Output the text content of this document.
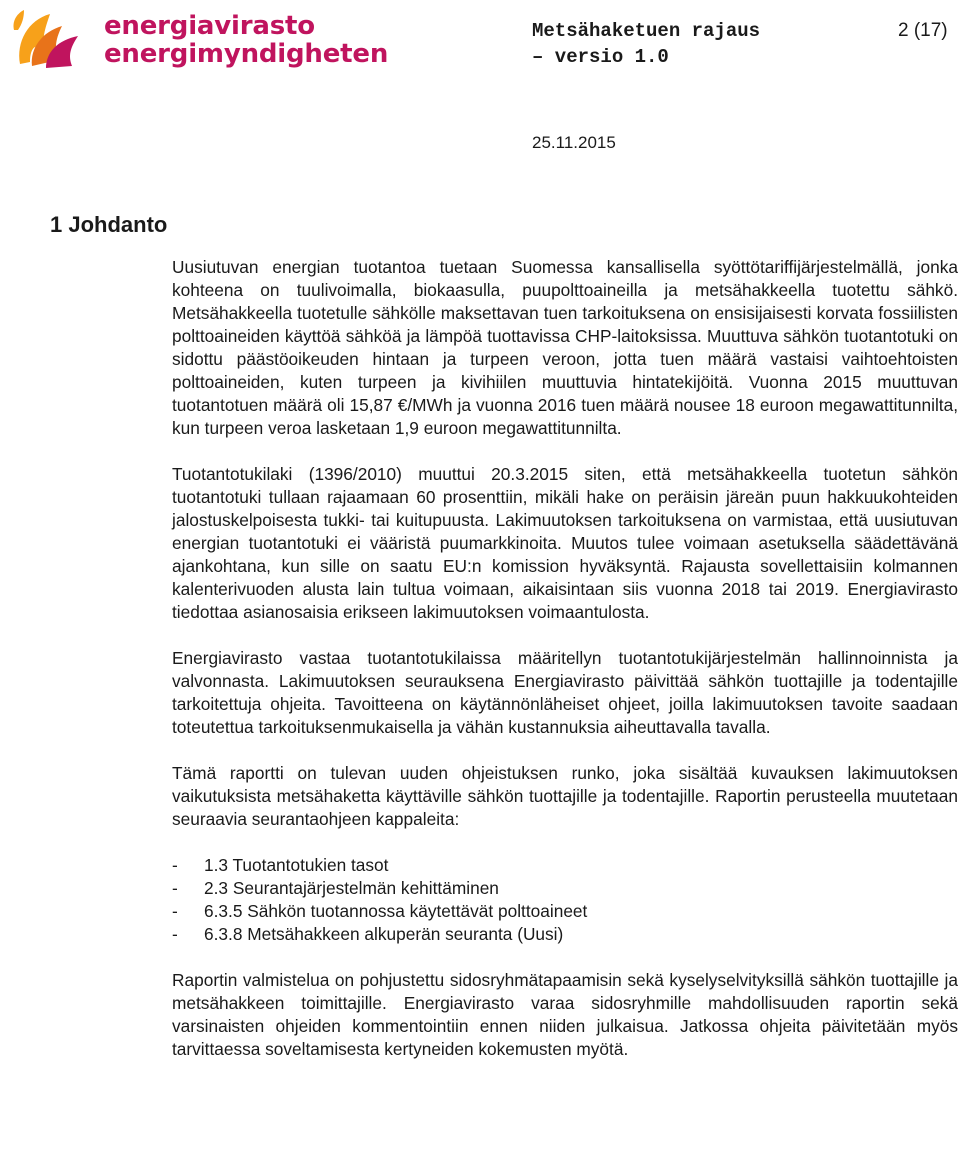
energiavirasto
energimyndigheten
Metsähaketuen rajaus
– versio 1.0
2 (17)
25.11.2015
1 Johdanto

Uusiutuvan energian tuotantoa tuetaan Suomessa kansallisella syöttötariffijärjestelmällä, jonka kohteena on tuulivoimalla, biokaasulla, puupolttoaineilla ja metsähakkeella tuotettu sähkö. Metsähakkeella tuotetulle sähkölle maksettavan tuen tarkoituksena on ensisijaisesti korvata fossiilisten polttoaineiden käyttöä sähköä ja lämpöä tuottavissa CHP-laitoksissa. Muuttuva sähkön tuotantotuki on sidottu päästöoikeuden hintaan ja turpeen veroon, jotta tuen määrä vastaisi vaihtoehtoisten polttoaineiden, kuten turpeen ja kivihiilen muuttuvia hintatekijöitä. Vuonna 2015 muuttuvan tuotantotuen määrä oli 15,87 €/MWh ja vuonna 2016 tuen määrä nousee 18 euroon megawattitunnilta, kun turpeen veroa lasketaan 1,9 euroon megawattitunnilta.

Tuotantotukilaki (1396/2010) muuttui 20.3.2015 siten, että metsähakkeella tuotetun sähkön tuotantotuki tullaan rajaamaan 60 prosenttiin, mikäli hake on peräisin järeän puun hakkuukohteiden jalostuskelpoisesta tukki- tai kuitupuusta. Lakimuutoksen tarkoituksena on varmistaa, että uusiutuvan energian tuotantotuki ei vääristä puumarkkinoita. Muutos tulee voimaan asetuksella säädettävänä ajankohtana, kun sille on saatu EU:n komission hyväksyntä. Rajausta sovellettaisiin kolmannen kalenterivuoden alusta lain tultua voimaan, aikaisintaan siis vuonna 2018 tai 2019. Energiavirasto tiedottaa asianosaisia erikseen lakimuutoksen voimaantulosta.

Energiavirasto vastaa tuotantotukilaissa määritellyn tuotantotukijärjestelmän hallinnoinnista ja valvonnasta. Lakimuutoksen seurauksena Energiavirasto päivittää sähkön tuottajille ja todentajille tarkoitettuja ohjeita. Tavoitteena on käytännönläheiset ohjeet, joilla lakimuutoksen tavoite saadaan toteutettua tarkoituksenmukaisella ja vähän kustannuksia aiheuttavalla tavalla.

Tämä raportti on tulevan uuden ohjeistuksen runko, joka sisältää kuvauksen lakimuutoksen vaikutuksista metsähaketta käyttäville sähkön tuottajille ja todentajille. Raportin perusteella muutetaan seuraavia seurantaohjeen kappaleita:

- 1.3 Tuotantotukien tasot
- 2.3 Seurantajärjestelmän kehittäminen
- 6.3.5 Sähkön tuotannossa käytettävät polttoaineet
- 6.3.8 Metsähakkeen alkuperän seuranta (Uusi)

Raportin valmistelua on pohjustettu sidosryhmätapaamisin sekä kyselyselvityksillä sähkön tuottajille ja metsähakkeen toimittajille. Energiavirasto varaa sidosryhmille mahdollisuuden raportin sekä varsinaisten ohjeiden kommentointiin ennen niiden julkaisua. Jatkossa ohjeita päivitetään myös tarvittaessa soveltamisesta kertyneiden kokemusten myötä.
